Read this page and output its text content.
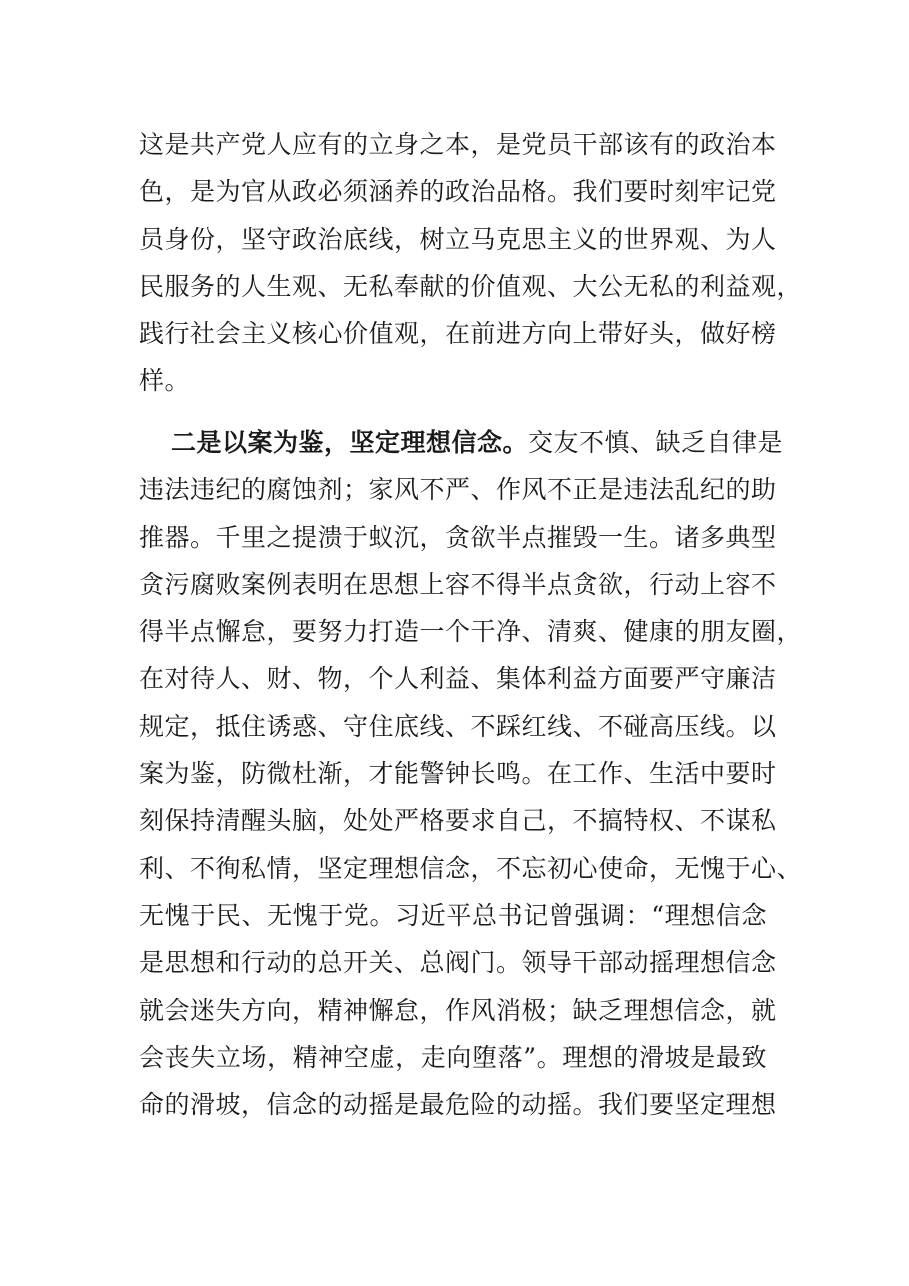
这是共产党人应有的立身之本，是党员干部该有的政治本
色，是为官从政必须涵养的政治品格。我们要时刻牢记党
员身份，坚守政治底线，树立马克思主义的世界观、为人
民服务的人生观、无私奉献的价值观、大公无私的利益观，
践行社会主义核心价值观，在前进方向上带好头，做好榜
样。
二是以案为鉴，坚定理想信念。交友不慎、缺乏自律是
违法违纪的腐蚀剂；家风不严、作风不正是违法乱纪的助
推器。千里之提溃于蚁沉，贪欲半点摧毁一生。诸多典型
贪污腐败案例表明在思想上容不得半点贪欲，行动上容不
得半点懈怠，要努力打造一个干净、清爽、健康的朋友圈，
在对待人、财、物，个人利益、集体利益方面要严守廉洁
规定，抵住诱惑、守住底线、不踩红线、不碰高压线。以
案为鉴，防微杜渐，才能警钟长鸣。在工作、生活中要时
刻保持清醒头脑，处处严格要求自己，不搞特权、不谋私
利、不徇私情，坚定理想信念，不忘初心使命，无愧于心、
无愧于民、无愧于党。习近平总书记曾强调：“理想信念
是思想和行动的总开关、总阀门。领导干部动摇理想信念
就会迷失方向，精神懈怠，作风消极；缺乏理想信念，就
会丧失立场，精神空虚，走向堕落”。理想的滑坡是最致
命的滑坡，信念的动摇是最危险的动摇。我们要坚定理想
